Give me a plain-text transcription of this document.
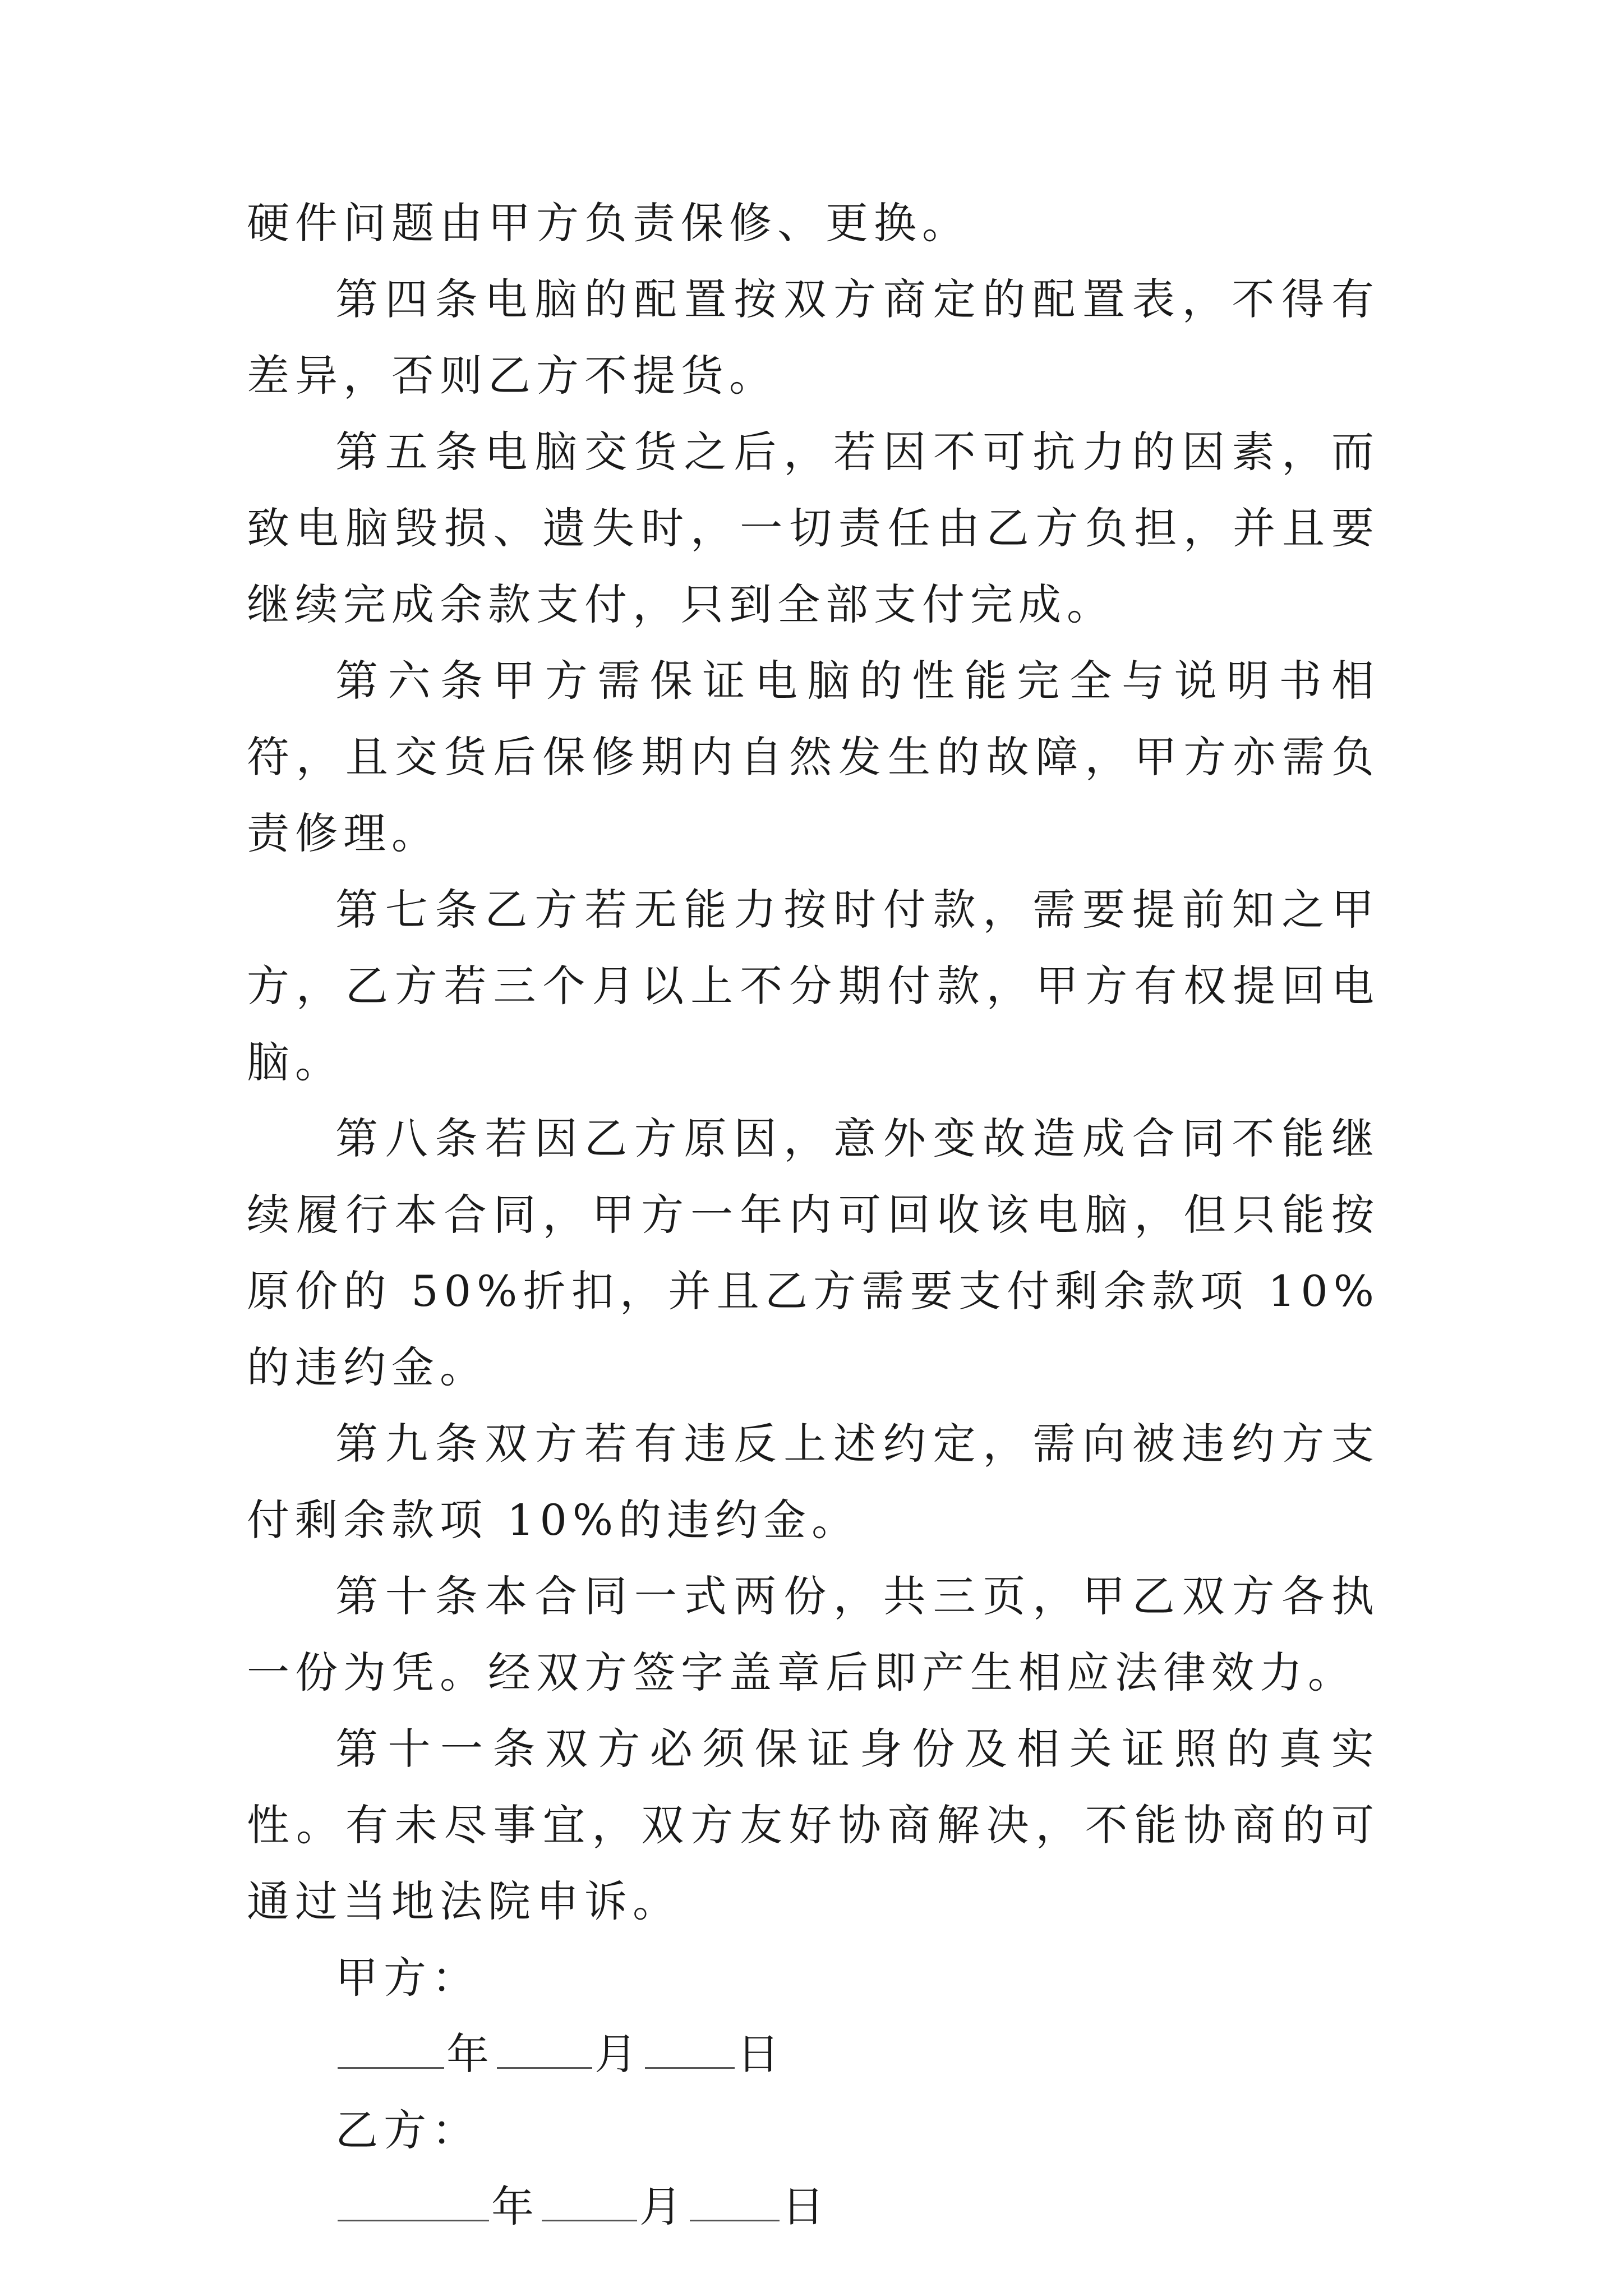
硬件问题由甲方负责保修、更换。

第四条电脑的配置按双方商定的配置表，不得有差异，否则乙方不提货。

第五条电脑交货之后，若因不可抗力的因素，而致电脑毁损、遗失时，一切责任由乙方负担，并且要继续完成余款支付，只到全部支付完成。

第六条甲方需保证电脑的性能完全与说明书相符，且交货后保修期内自然发生的故障，甲方亦需负责修理。

第七条乙方若无能力按时付款，需要提前知之甲方，乙方若三个月以上不分期付款，甲方有权提回电脑。

第八条若因乙方原因，意外变故造成合同不能继续履行本合同，甲方一年内可回收该电脑，但只能按原价的 50%折扣，并且乙方需要支付剩余款项 10%的违约金。

第九条双方若有违反上述约定，需向被违约方支付剩余款项 10%的违约金。

第十条本合同一式两份，共三页，甲乙双方各执一份为凭。经双方签字盖章后即产生相应法律效力。

第十一条双方必须保证身份及相关证照的真实性。有未尽事宜，双方友好协商解决，不能协商的可通过当地法院申诉。

甲方：

年 月 日

乙方：

年 月 日
